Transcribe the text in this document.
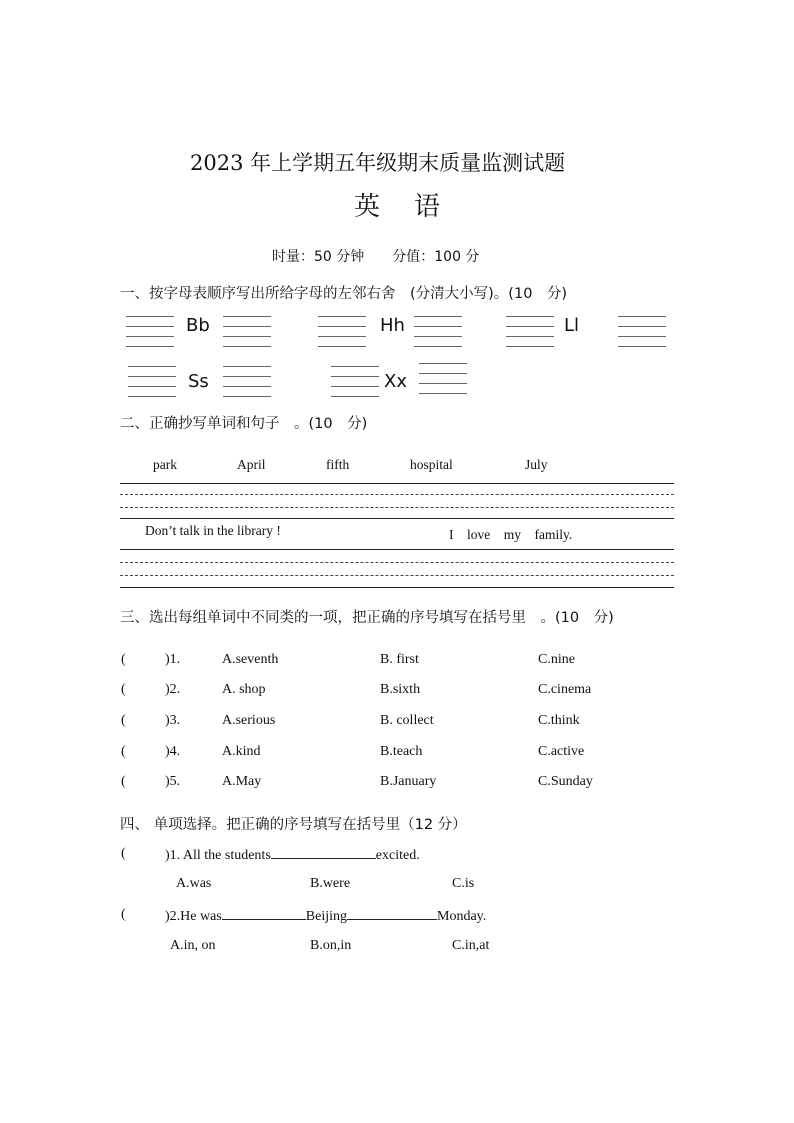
2023 年上学期五年级期末质量监测试题
英　语
时量：50 分钟　　分值：100 分
一、按字母表顺序写出所给字母的左邻右舍　(分清大小写)。(10　分)
Bb	Hh	Ll
Ss	Xx
二、正确抄写单词和句子　。(10　分)
park	April	fifth	hospital	July
Don’t talk in the library !	I　love　my　family.
三、选出每组单词中不同类的一项，把正确的序号填写在括号里　。(10　分)
(	)1.	A.seventh	B. first	C.nine
(	)2.	A. shop	B.sixth	C.cinema
(	)3.	A.serious	B. collect	C.think
(	)4.	A.kind	B.teach	C.active
(	)5.	A.May	B.January	C.Sunday
四、 单项选择。把正确的序号填写在括号里（12 分）
(	)1. All the students	excited.
A.was	B.were	C.is
(	)2.He was	Beijing	Monday.
A.in, on	B.on,in	C.in,at
